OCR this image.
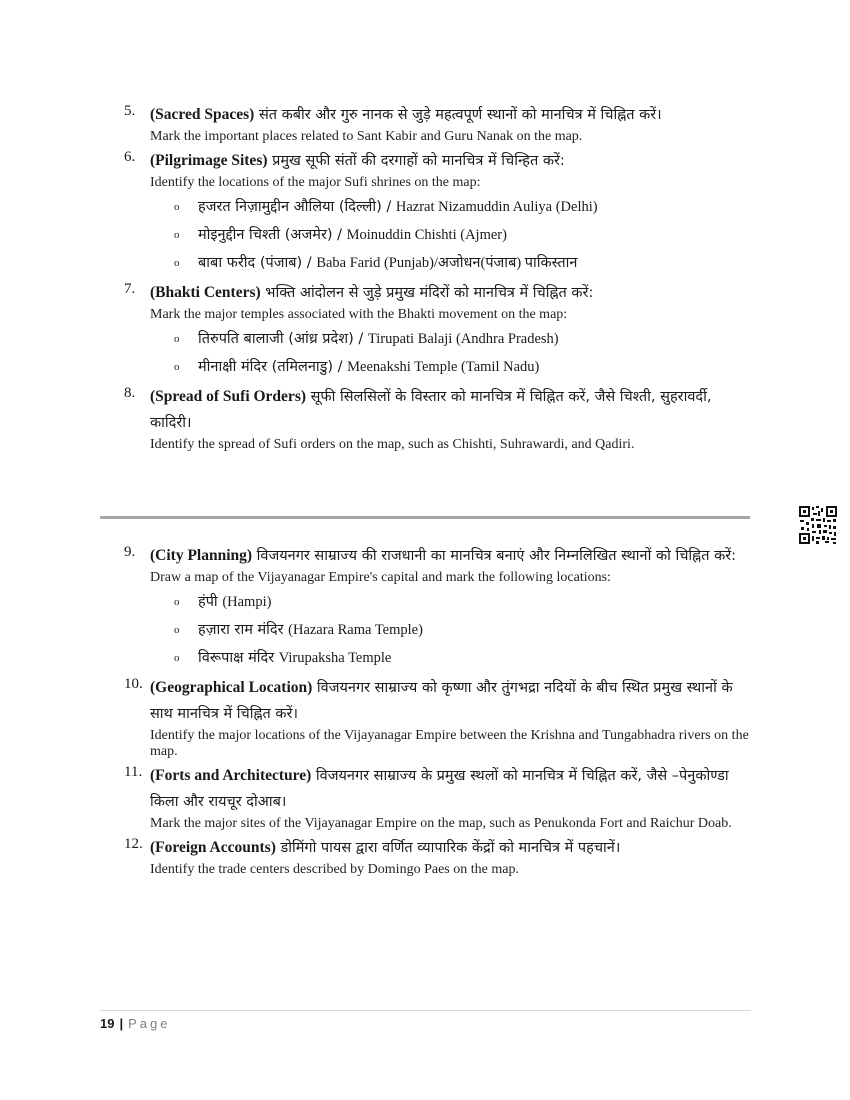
5. (Sacred Spaces) संत कबीर और गुरु नानक से जुड़े महत्वपूर्ण स्थानों को मानचित्र में चिह्नित करें।
Mark the important places related to Sant Kabir and Guru Nanak on the map.
6. (Pilgrimage Sites) प्रमुख सूफी संतों की दरगाहों को मानचित्र में चिन्हित करें:
Identify the locations of the major Sufi shrines on the map:
o हजरत निज़ामुद्दीन औलिया (दिल्ली) / Hazrat Nizamuddin Auliya (Delhi)
o मोइनुद्दीन चिश्ती (अजमेर) / Moinuddin Chishti (Ajmer)
o बाबा फरीद (पंजाब) / Baba Farid (Punjab)/अजोधन(पंजाब) पाकिस्तान
7. (Bhakti Centers) भक्ति आंदोलन से जुड़े प्रमुख मंदिरों को मानचित्र में चिह्नित करें:
Mark the major temples associated with the Bhakti movement on the map:
o तिरुपति बालाजी (आंध्र प्रदेश) / Tirupati Balaji (Andhra Pradesh)
o मीनाक्षी मंदिर (तमिलनाडु) / Meenakshi Temple (Tamil Nadu)
8. (Spread of Sufi Orders) सूफी सिलसिलों के विस्तार को मानचित्र में चिह्नित करें, जैसे चिश्ती, सुहरावर्दी, कादिरी।
Identify the spread of Sufi orders on the map, such as Chishti, Suhrawardi, and Qadiri.
9. (City Planning) विजयनगर साम्राज्य की राजधानी का मानचित्र बनाएं और निम्नलिखित स्थानों को चिह्नित करें:
Draw a map of the Vijayanagar Empire's capital and mark the following locations:
o हंपी (Hampi)
o हज़ारा राम मंदिर (Hazara Rama Temple)
o विरूपाक्ष मंदिर Virupaksha Temple
10. (Geographical Location) विजयनगर साम्राज्य को कृष्णा और तुंगभद्रा नदियों के बीच स्थित प्रमुख स्थानों के साथ मानचित्र में चिह्नित करें।
Identify the major locations of the Vijayanagar Empire between the Krishna and Tungabhadra rivers on the map.
11. (Forts and Architecture) विजयनगर साम्राज्य के प्रमुख स्थलों को मानचित्र में चिह्नित करें, जैसे –पेनुकोण्डा किला और रायचूर दोआब।
Mark the major sites of the Vijayanagar Empire on the map, such as Penukonda Fort and Raichur Doab.
12. (Foreign Accounts) डोमिंगो पायस द्वारा वर्णित व्यापारिक केंद्रों को मानचित्र में पहचानें।
Identify the trade centers described by Domingo Paes on the map.
19 | Page
